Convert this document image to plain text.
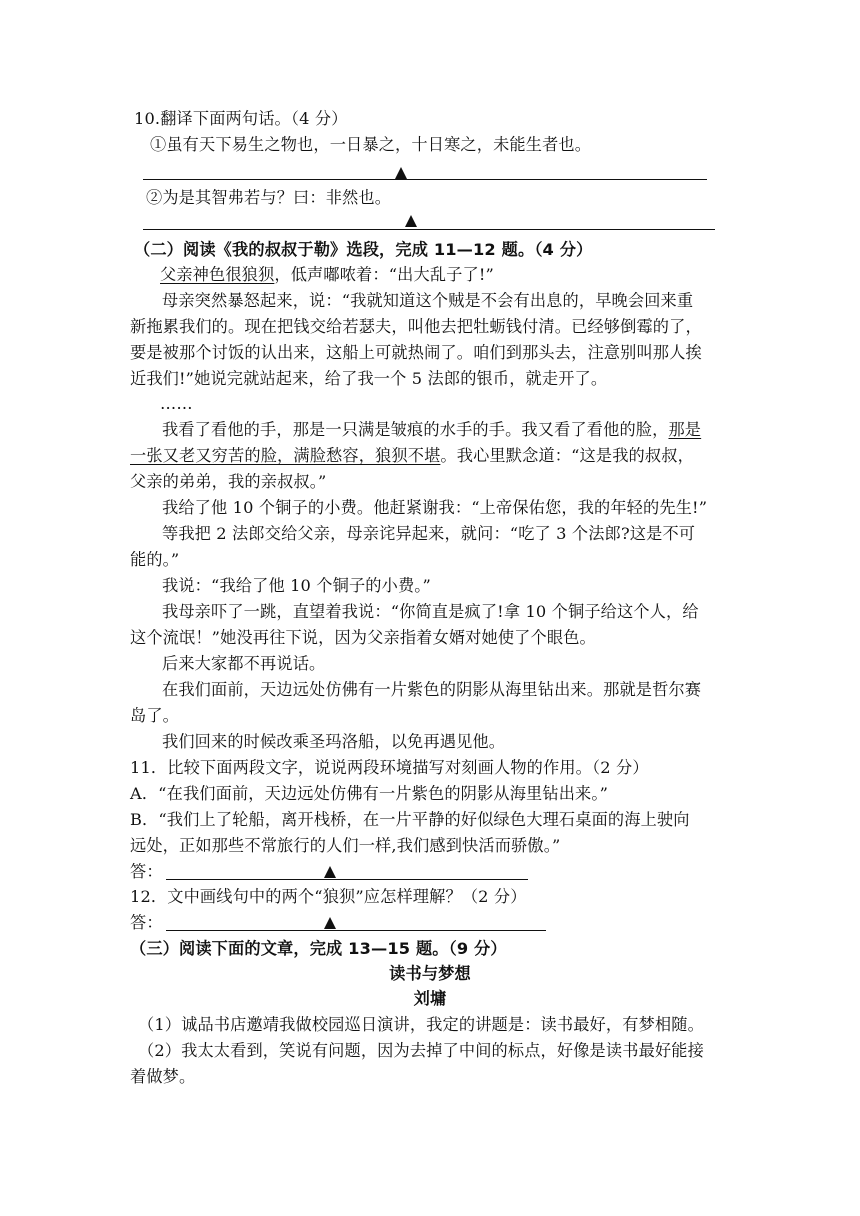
10.翻译下面两句话。（4 分）
①虽有天下易生之物也，一日暴之，十日寒之，未能生者也。
②为是其智弗若与？曰：非然也。
（二）阅读《我的叔叔于勒》选段，完成 11—12 题。（4 分）
父亲神色很狼狈，低声嘟哝着：“出大乱子了!”
母亲突然暴怒起来，说：“我就知道这个贼是不会有出息的，早晚会回来重
新拖累我们的。现在把钱交给若瑟夫，叫他去把牡蛎钱付清。已经够倒霉的了，
要是被那个讨饭的认出来，这船上可就热闹了。咱们到那头去，注意别叫那人挨
近我们!”她说完就站起来，给了我一个 5 法郎的银币，就走开了。
……
我看了看他的手，那是一只满是皱痕的水手的手。我又看了看他的脸，那是
一张又老又穷苦的脸，满脸愁容，狼狈不堪。我心里默念道：“这是我的叔叔，
父亲的弟弟，我的亲叔叔。”
我给了他 10 个铜子的小费。他赶紧谢我：“上帝保佑您，我的年轻的先生!”
等我把 2 法郎交给父亲，母亲诧异起来，就问：“吃了 3 个法郎?这是不可
能的。”
我说：“我给了他 10 个铜子的小费。”
我母亲吓了一跳，直望着我说：“你简直是疯了!拿 10 个铜子给这个人，给
这个流氓！”她没再往下说，因为父亲指着女婿对她使了个眼色。
后来大家都不再说话。
在我们面前，天边远处仿佛有一片紫色的阴影从海里钻出来。那就是哲尔赛
岛了。
我们回来的时候改乘圣玛洛船，以免再遇见他。
11．比较下面两段文字，说说两段环境描写对刻画人物的作用。（2 分）
A．“在我们面前，天边远处仿佛有一片紫色的阴影从海里钻出来。”
B．“我们上了轮船，离开栈桥，在一片平静的好似绿色大理石桌面的海上驶向
远处，正如那些不常旅行的人们一样,我们感到快活而骄傲。”
答：
12．文中画线句中的两个“狼狈”应怎样理解？（2 分）
答：
（三）阅读下面的文章，完成 13—15 题。（9 分）
读书与梦想
刘墉
（1）诚品书店邀靖我做校园巡日演讲，我定的讲题是：读书最好，有梦相随。
（2）我太太看到，笑说有问题，因为去掉了中间的标点，好像是读书最好能接
着做梦。
